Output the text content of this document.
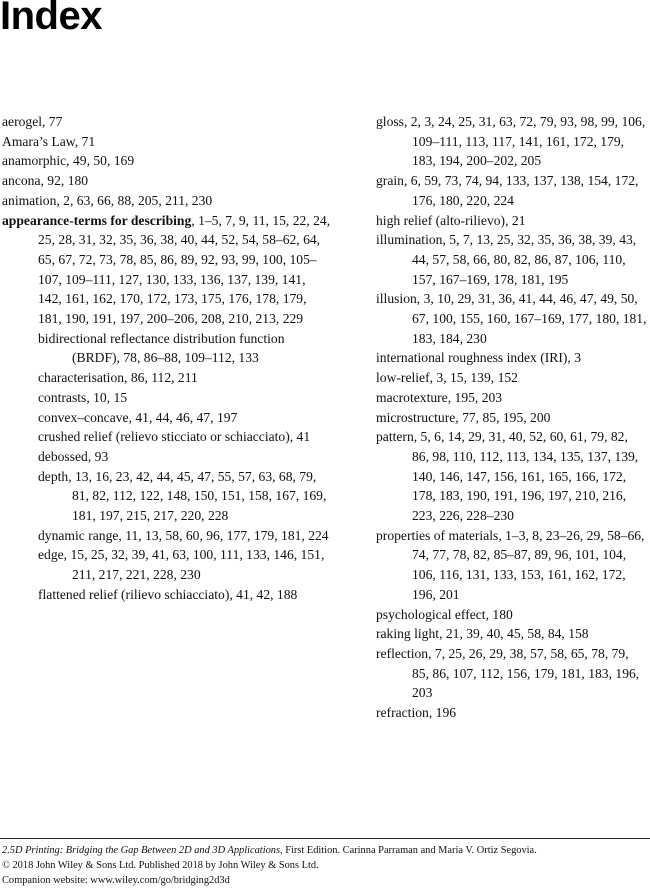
Index

aerogel, 77

Amara’s Law, 71

anamorphic, 49, 50, 169

ancona, 92, 180

animation, 2, 63, 66, 88, 205, 211, 230

appearance-terms for describing, 1–5, 7, 9, 11, 15, 22, 24, 25, 28, 31, 32, 35, 36, 38, 40, 44, 52, 54, 58–62, 64, 65, 67, 72, 73, 78, 85, 86, 89, 92, 93, 99, 100, 105–107, 109–111, 127, 130, 133, 136, 137, 139, 141, 142, 161, 162, 170, 172, 173, 175, 176, 178, 179, 181, 190, 191, 197, 200–206, 208, 210, 213, 229

bidirectional reflectance distribution function (BRDF), 78, 86–88, 109–112, 133

characterisation, 86, 112, 211

contrasts, 10, 15

convex–concave, 41, 44, 46, 47, 197

crushed relief (relievo sticciato or schiacciato), 41

debossed, 93

depth, 13, 16, 23, 42, 44, 45, 47, 55, 57, 63, 68, 79, 81, 82, 112, 122, 148, 150, 151, 158, 167, 169, 181, 197, 215, 217, 220, 228

dynamic range, 11, 13, 58, 60, 96, 177, 179, 181, 224

edge, 15, 25, 32, 39, 41, 63, 100, 111, 133, 146, 151, 211, 217, 221, 228, 230

flattened relief (rilievo schiacciato), 41, 42, 188

gloss, 2, 3, 24, 25, 31, 63, 72, 79, 93, 98, 99, 106, 109–111, 113, 117, 141, 161, 172, 179, 183, 194, 200–202, 205

grain, 6, 59, 73, 74, 94, 133, 137, 138, 154, 172, 176, 180, 220, 224

high relief (alto-rilievo), 21

illumination, 5, 7, 13, 25, 32, 35, 36, 38, 39, 43, 44, 57, 58, 66, 80, 82, 86, 87, 106, 110, 157, 167–169, 178, 181, 195

illusion, 3, 10, 29, 31, 36, 41, 44, 46, 47, 49, 50, 67, 100, 155, 160, 167–169, 177, 180, 181, 183, 184, 230

international roughness index (IRI), 3

low-relief, 3, 15, 139, 152

macrotexture, 195, 203

microstructure, 77, 85, 195, 200

pattern, 5, 6, 14, 29, 31, 40, 52, 60, 61, 79, 82, 86, 98, 110, 112, 113, 134, 135, 137, 139, 140, 146, 147, 156, 161, 165, 166, 172, 178, 183, 190, 191, 196, 197, 210, 216, 223, 226, 228–230

properties of materials, 1–3, 8, 23–26, 29, 58–66, 74, 77, 78, 82, 85–87, 89, 96, 101, 104, 106, 116, 131, 133, 153, 161, 162, 172, 196, 201

psychological effect, 180

raking light, 21, 39, 40, 45, 58, 84, 158

reflection, 7, 25, 26, 29, 38, 57, 58, 65, 78, 79, 85, 86, 107, 112, 156, 179, 181, 183, 196, 203

refraction, 196

2.5D Printing: Bridging the Gap Between 2D and 3D Applications, First Edition. Carinna Parraman and Maria V. Ortiz Segovia.
© 2018 John Wiley & Sons Ltd. Published 2018 by John Wiley & Sons Ltd.
Companion website: www.wiley.com/go/bridging2d3d
